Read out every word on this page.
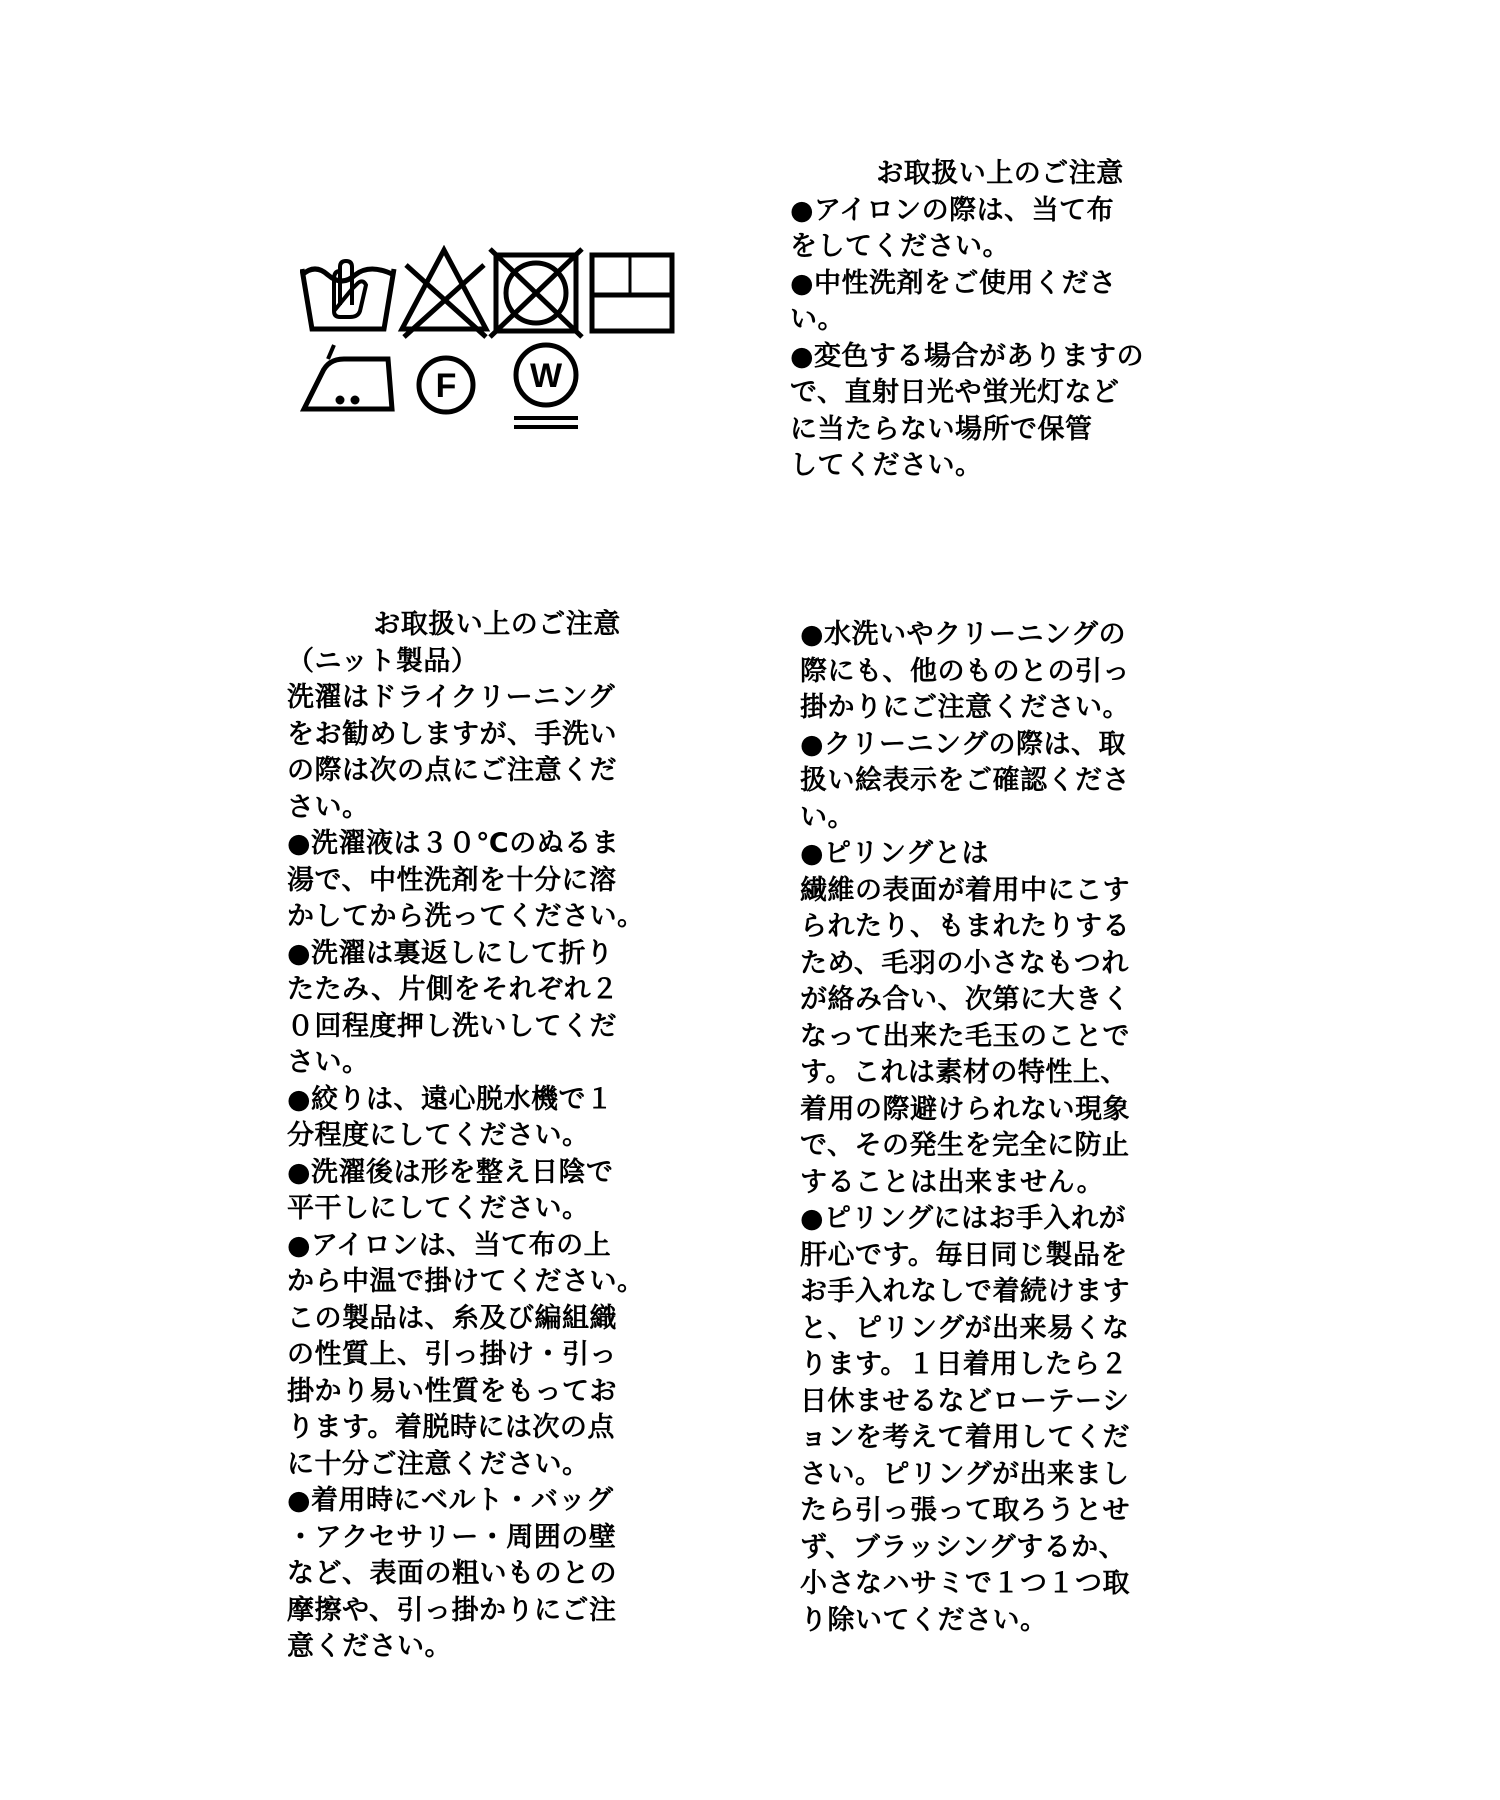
F W

お取扱い上のご注意

●アイロンの際は、当て布

をしてください。

●中性洗剤をご使用くださ

い。

●変色する場合がありますの

で、直射日光や蛍光灯など

に当たらない場所で保管

してください。

お取扱い上のご注意

（ニット製品）

洗濯はドライクリーニング

をお勧めしますが、手洗い

の際は次の点にご注意くだ

さい。

●洗濯液は３０℃のぬるま

湯で、中性洗剤を十分に溶

かしてから洗ってください。

●洗濯は裏返しにして折り

たたみ、片側をそれぞれ２

０回程度押し洗いしてくだ

さい。

●絞りは、遠心脱水機で１

分程度にしてください。

●洗濯後は形を整え日陰で

平干しにしてください。

●アイロンは、当て布の上

から中温で掛けてください。

この製品は、糸及び編組織

の性質上、引っ掛け・引っ

掛かり易い性質をもってお

ります。着脱時には次の点

に十分ご注意ください。

●着用時にベルト・バッグ

・アクセサリー・周囲の壁

など、表面の粗いものとの

摩擦や、引っ掛かりにご注

意ください。

●水洗いやクリーニングの

際にも、他のものとの引っ

掛かりにご注意ください。

●クリーニングの際は、取

扱い絵表示をご確認くださ

い。

●ピリングとは

繊維の表面が着用中にこす

られたり、もまれたりする

ため、毛羽の小さなもつれ

が絡み合い、次第に大きく

なって出来た毛玉のことで

す。これは素材の特性上、

着用の際避けられない現象

で、その発生を完全に防止

することは出来ません。

●ピリングにはお手入れが

肝心です。毎日同じ製品を

お手入れなしで着続けます

と、ピリングが出来易くな

ります。１日着用したら２

日休ませるなどローテーシ

ョンを考えて着用してくだ

さい。ピリングが出来まし

たら引っ張って取ろうとせ

ず、ブラッシングするか、

小さなハサミで１つ１つ取

り除いてください。
